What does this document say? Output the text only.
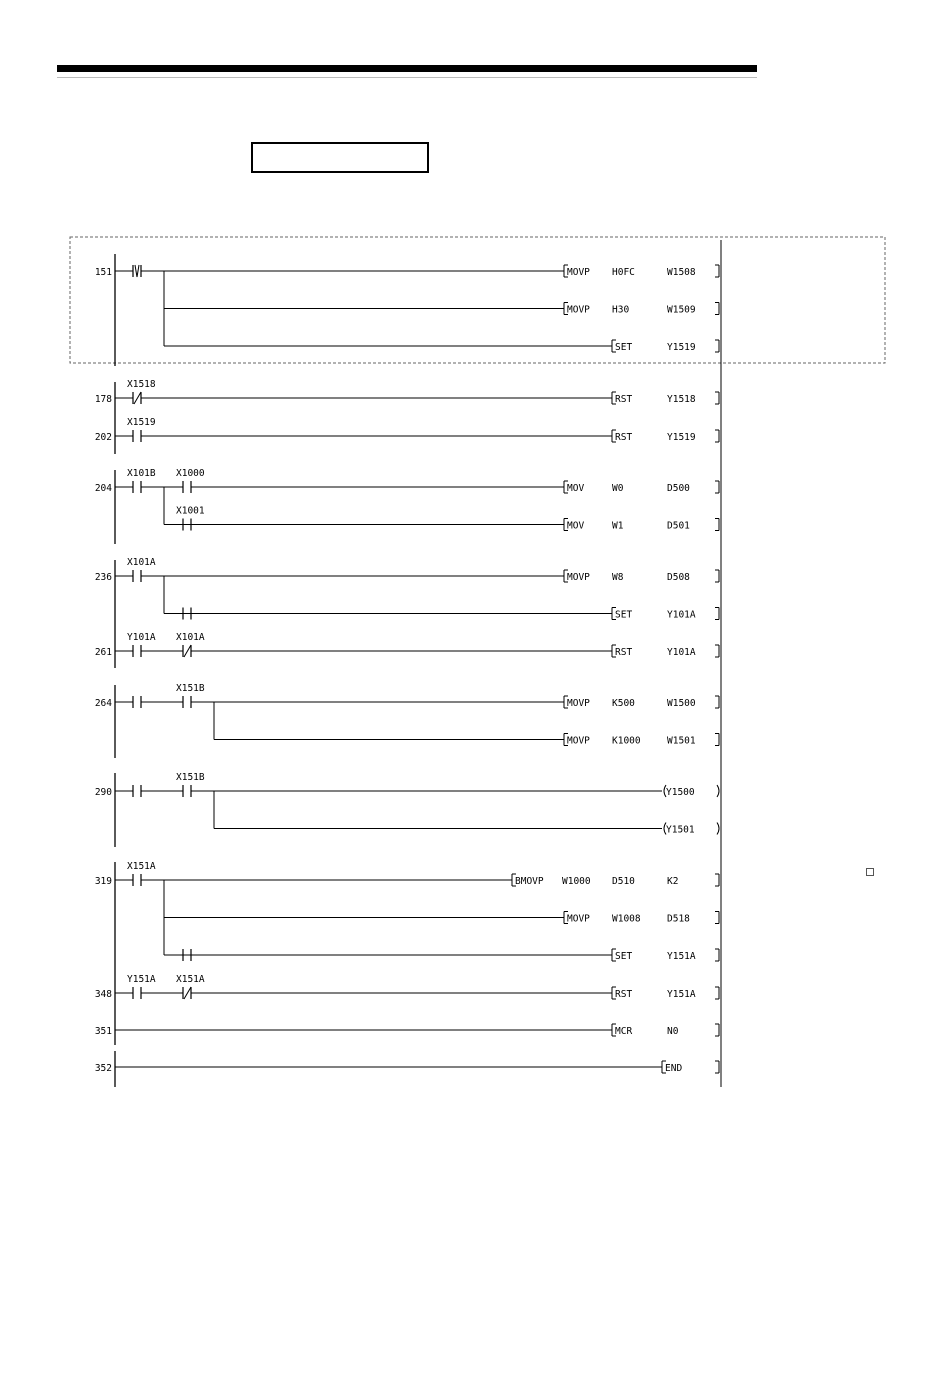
151	MOVP H0FC	W1508
MOVP H30	W1509
SET	Y1519
178
X1518
RST	Y1518
202
X1519
RST	Y1519
204
X101B X1000
MOV	W0	D500
X1001
MOV	W1	D501
236
X101A
MOVP W8	D508
SET	Y101A
261
Y101A X101A
RST	Y101A
264
X151B
MOVP K500	W1500
MOVP K1000	W1501
290
X151B
Y1500
Y1501
319
X151A
BMOVP W1000 D510	K2
MOVP W1008	D518
SET	Y151A
348
Y151A X151A
RST	Y151A
351	MCR	N0
352	END
